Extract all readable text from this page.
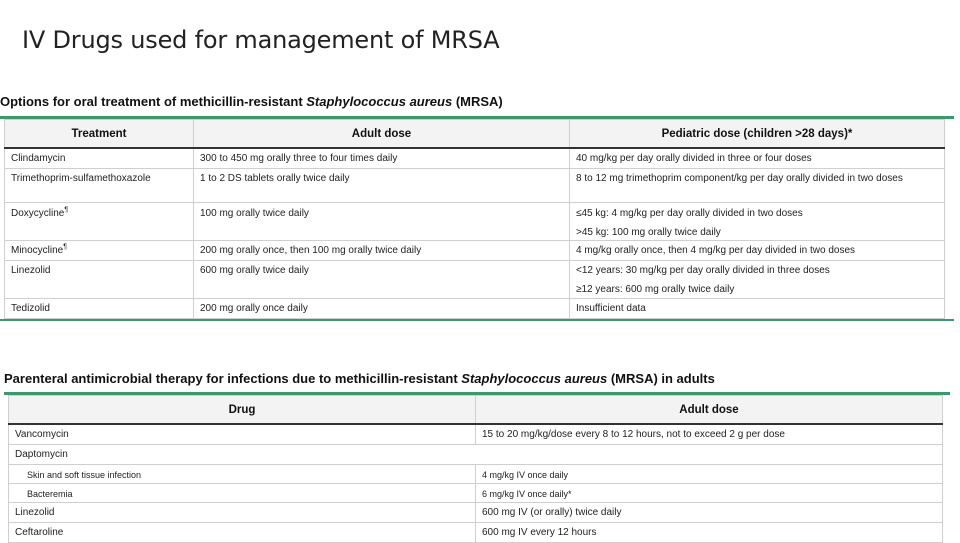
IV Drugs used for management of MRSA
Options for oral treatment of methicillin-resistant Staphylococcus aureus (MRSA)
Treatment	Adult dose	Pediatric dose (children >28 days)*

Clindamycin	300 to 450 mg orally three to four times daily	40 mg/kg per day orally divided in three or four doses

Trimethoprim-sulfamethoxazole	1 to 2 DS tablets orally twice daily	8 to 12 mg trimethoprim component/kg per day orally divided in two doses

Doxycycline¶	100 mg orally twice daily	≤45 kg: 4 mg/kg per day orally divided in two doses
>45 kg: 100 mg orally twice daily

Minocycline¶	200 mg orally once, then 100 mg orally twice daily	4 mg/kg orally once, then 4 mg/kg per day divided in two doses

Linezolid	600 mg orally twice daily	<12 years: 30 mg/kg per day orally divided in three doses
≥12 years: 600 mg orally twice daily

Tedizolid	200 mg orally once daily	Insufficient data
Parenteral antimicrobial therapy for infections due to methicillin-resistant Staphylococcus aureus (MRSA) in adults
Drug	Adult dose

Vancomycin	15 to 20 mg/kg/dose every 8 to 12 hours, not to exceed 2 g per dose

Daptomycin	

Skin and soft tissue infection	4 mg/kg IV once daily

Bacteremia	6 mg/kg IV once daily*

Linezolid	600 mg IV (or orally) twice daily

Ceftaroline	600 mg IV every 12 hours
